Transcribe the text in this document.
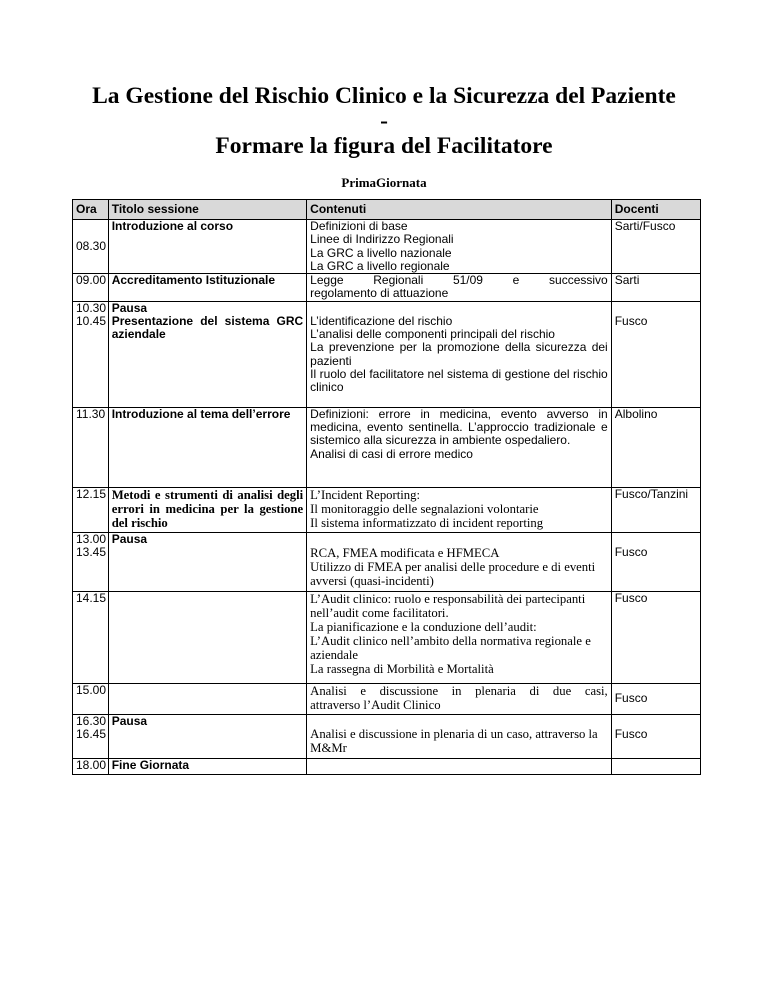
La Gestione del Rischio Clinico e la Sicurezza del Paziente
-
Formare la figura del Facilitatore
PrimaGiornata
Ora	Titolo sessione	Contenuti	Docenti
08.30	Introduzione al corso	Definizioni di base
Linee di Indirizzo Regionali
La GRC a livello nazionale
La GRC a livello regionale	Sarti/Fusco
09.00	Accreditamento Istituzionale	Legge Regionali 51/09 e successivo
regolamento di attuazione	Sarti

10.30
10.45	Pausa
Presentazione del sistema GRC aziendale	L’identificazione del rischio
L’analisi delle componenti principali del rischio
La prevenzione per la promozione della sicurezza dei pazienti
Il ruolo del facilitatore nel sistema di gestione del rischio clinico	Fusco

11.30	Introduzione al tema dell’errore	Definizioni: errore in medicina, evento avverso in medicina, evento sentinella. L’approccio tradizionale e sistemico alla sicurezza in ambiente ospedaliero.
Analisi di casi di errore medico	Albolino
12.15	Metodi e strumenti di analisi degli errori in medicina per la gestione del rischio	L’Incident Reporting:
Il monitoraggio delle segnalazioni volontarie
Il sistema informatizzato di incident reporting	Fusco/Tanzini

13.00
13.45	Pausa	RCA, FMEA modificata e HFMECA
Utilizzo di FMEA per analisi delle procedure e di eventi avversi (quasi-incidenti)	Fusco

14.15		L’Audit clinico: ruolo e responsabilità dei partecipanti nell’audit come facilitatori.
La pianificazione e la conduzione dell’audit:
L’Audit clinico nell’ambito della normativa regionale e aziendale
La rassegna di Morbilità e Mortalità	Fusco
15.00		Analisi e discussione in plenaria di due casi,
attraverso l’Audit Clinico	Fusco

16.30
16.45	Pausa	Analisi e discussione in plenaria di un caso, attraverso la M&Mr	Fusco

18.00	Fine Giornata		
